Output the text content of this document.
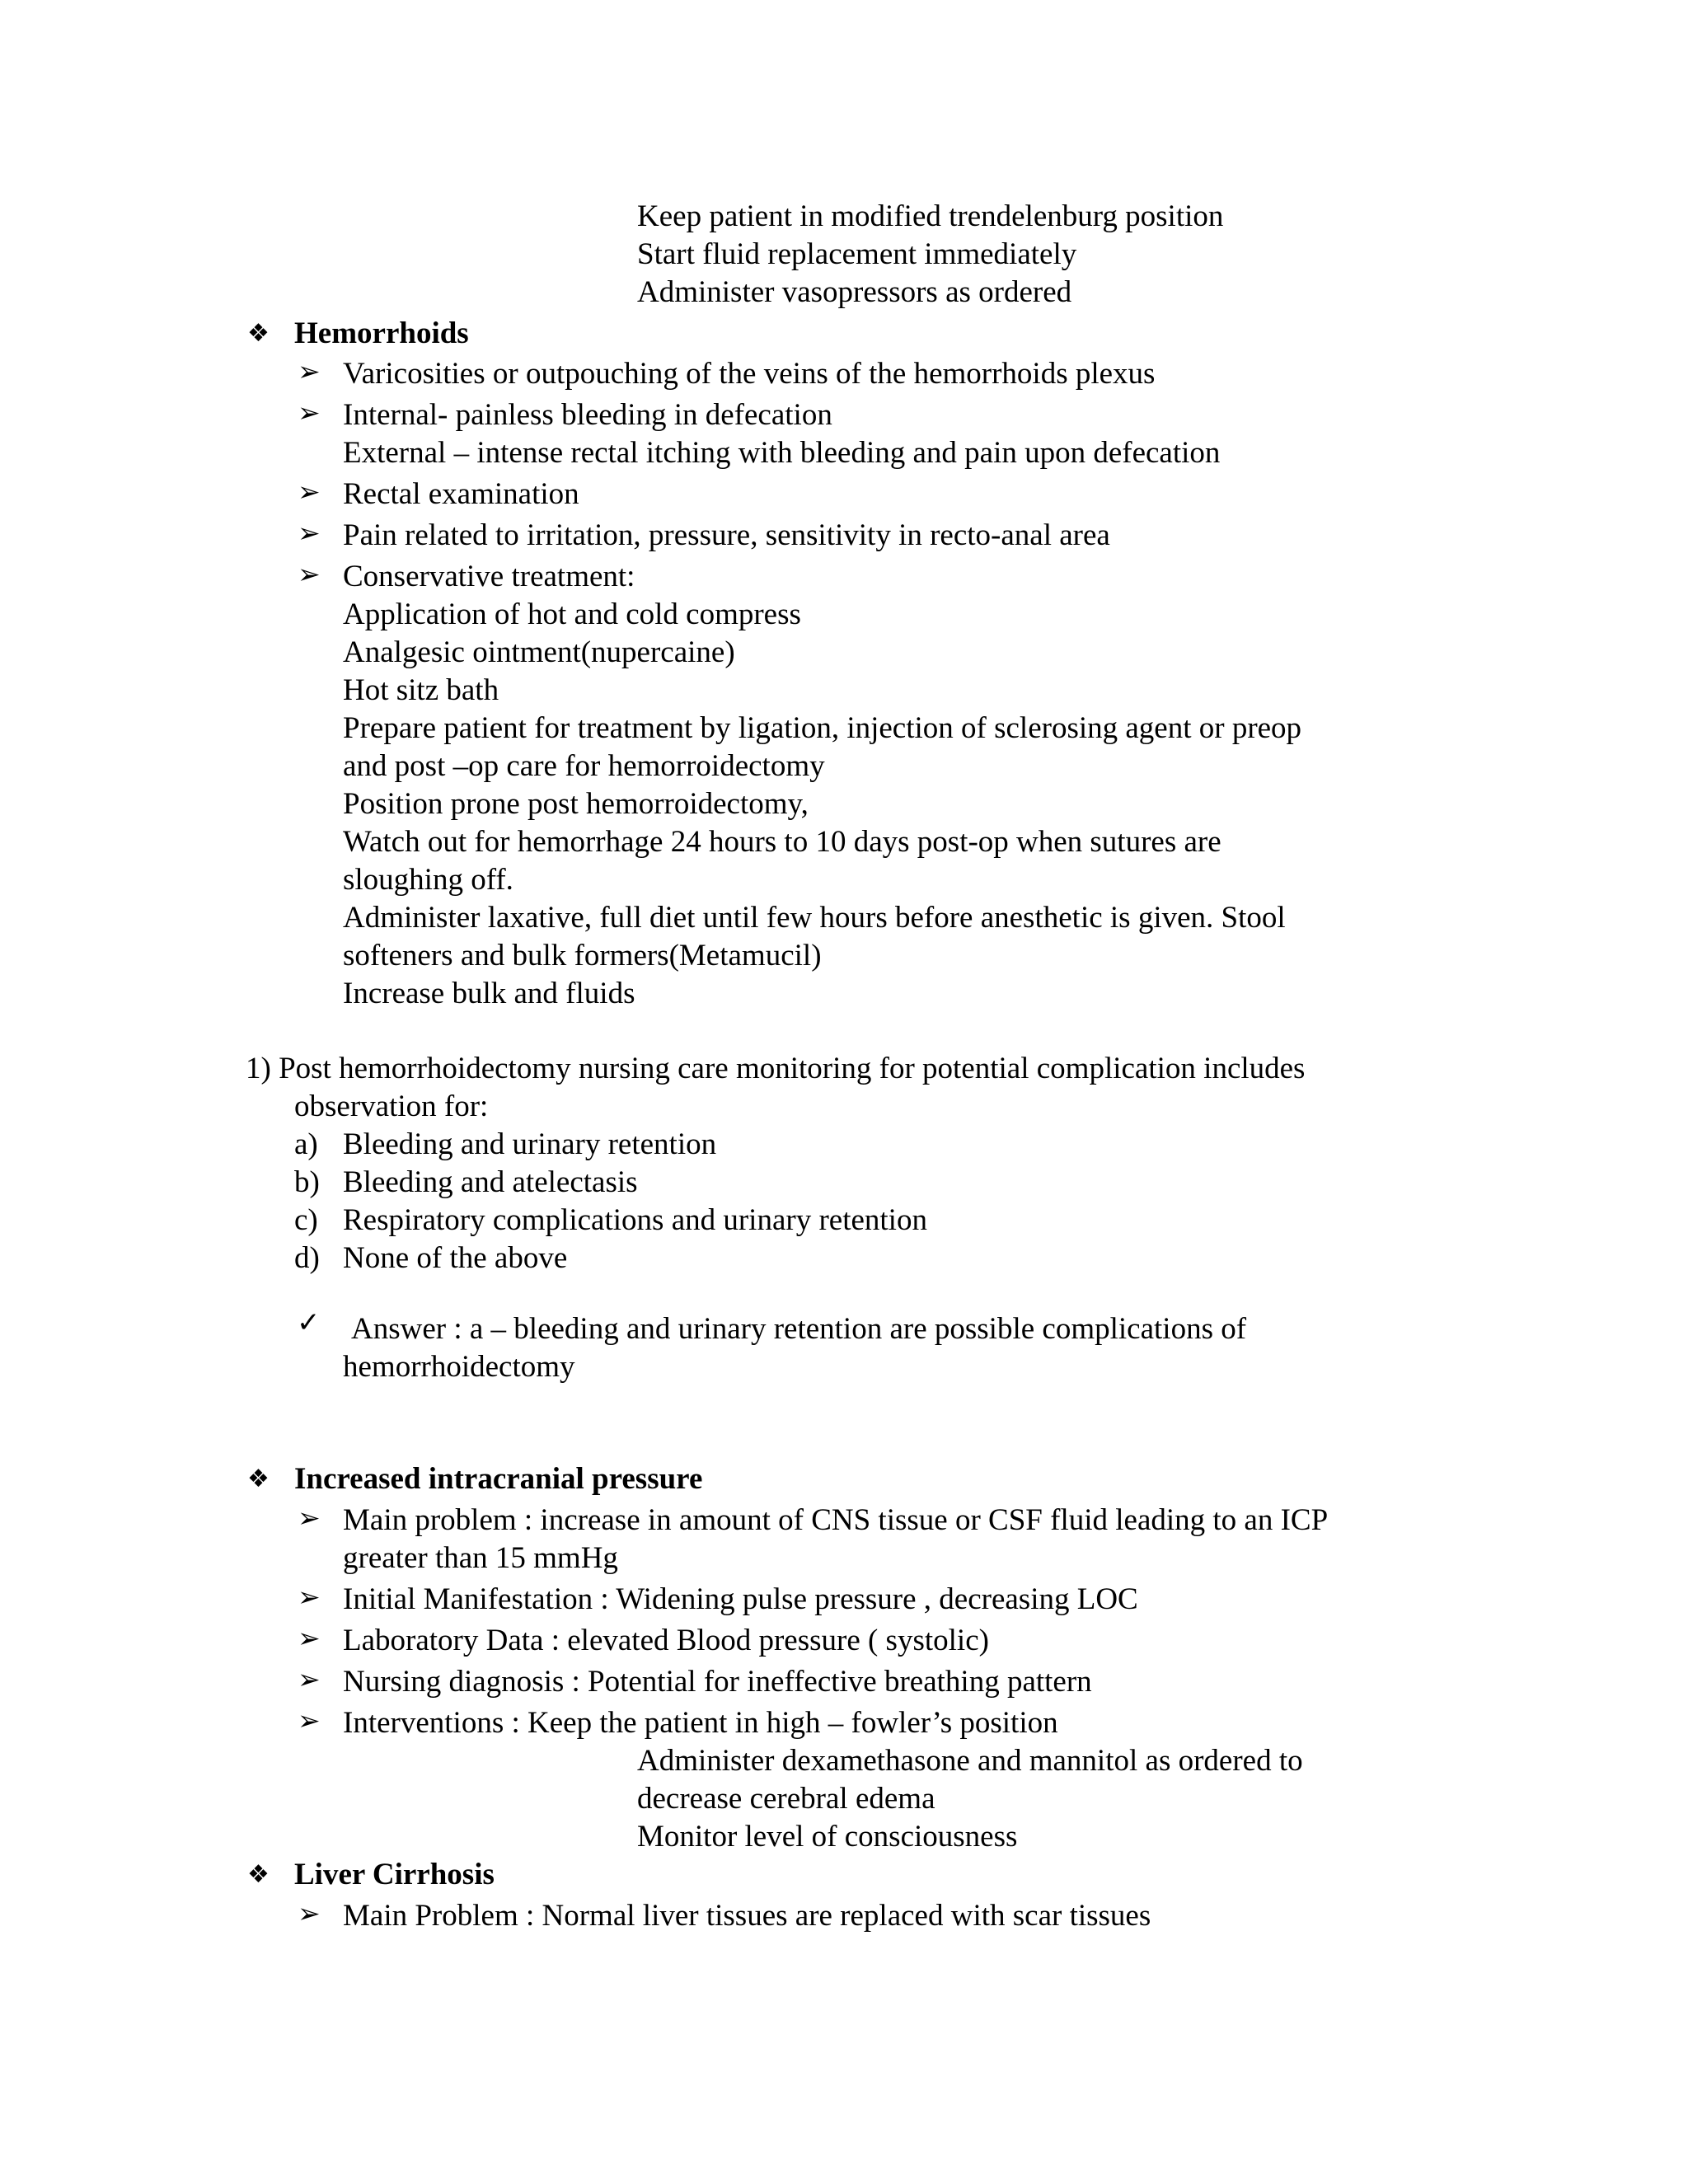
Keep patient in modified trendelenburg position
Start fluid replacement immediately
Administer vasopressors as ordered
❖ Hemorrhoids
➢ Varicosities or outpouching of the veins of the hemorrhoids plexus
➢ Internal- painless bleeding in defecation
External – intense rectal itching with bleeding and pain upon defecation
➢ Rectal examination
➢ Pain related to irritation, pressure, sensitivity in recto-anal area
➢ Conservative treatment:
Application of hot and cold compress
Analgesic ointment(nupercaine)
Hot sitz bath
Prepare patient for treatment by ligation, injection of sclerosing agent or preop
and post –op care for hemorroidectomy
Position prone post hemorroidectomy,
Watch out for hemorrhage 24 hours to 10 days post-op when sutures are
sloughing off.
Administer laxative, full diet until few hours before anesthetic is given. Stool
softeners and bulk formers(Metamucil)
Increase bulk and fluids
1) Post hemorrhoidectomy nursing care monitoring for potential complication includes
observation for:
a) Bleeding and urinary retention
b) Bleeding and atelectasis
c) Respiratory complications and urinary retention
d) None of the above
✓ Answer : a – bleeding and urinary retention are possible complications of
hemorrhoidectomy
❖ Increased intracranial pressure
➢ Main problem : increase in amount of CNS tissue or CSF fluid leading to an ICP
greater than 15 mmHg
➢ Initial Manifestation : Widening pulse pressure , decreasing LOC
➢ Laboratory Data : elevated Blood pressure ( systolic)
➢ Nursing diagnosis : Potential for ineffective breathing pattern
➢ Interventions : Keep the patient in high – fowler’s position
Administer dexamethasone and mannitol as ordered to
decrease cerebral edema
Monitor level of consciousness
❖ Liver Cirrhosis
➢ Main Problem : Normal liver tissues are replaced with scar tissues
